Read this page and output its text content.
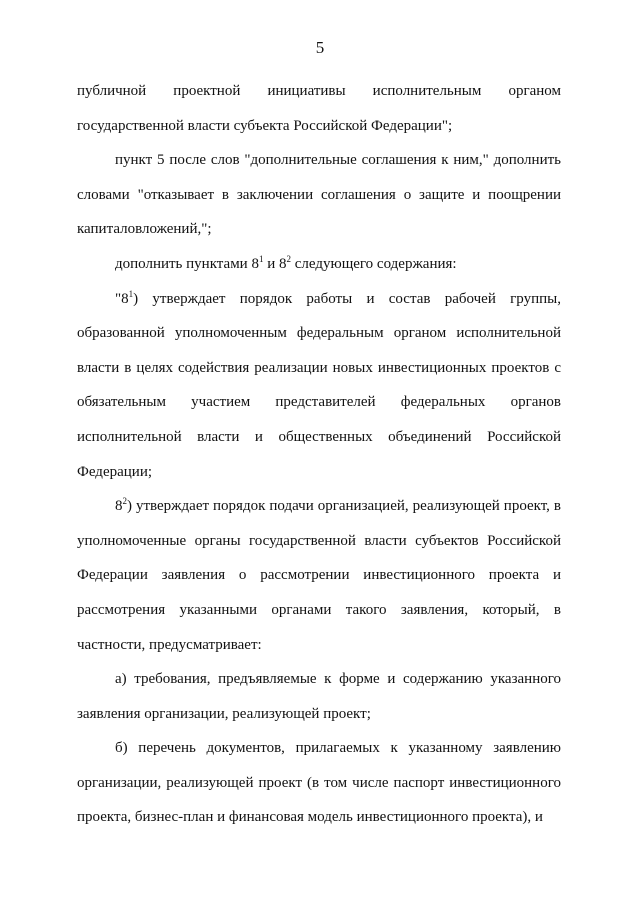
5

публичной проектной инициативы исполнительным органом государственной власти субъекта Российской Федерации";

пункт 5 после слов "дополнительные соглашения к ним," дополнить словами "отказывает в заключении соглашения о защите и поощрении капиталовложений,";

дополнить пунктами $8^1$ и $8^2$ следующего содержания:

"$8^1$) утверждает порядок работы и состав рабочей группы, образованной уполномоченным федеральным органом исполнительной власти в целях содействия реализации новых инвестиционных проектов с обязательным участием представителей федеральных органов исполнительной власти и общественных объединений Российской Федерации;

$8^2$) утверждает порядок подачи организацией, реализующей проект, в уполномоченные органы государственной власти субъектов Российской Федерации заявления о рассмотрении инвестиционного проекта и рассмотрения указанными органами такого заявления, который, в частности, предусматривает:

а) требования, предъявляемые к форме и содержанию указанного заявления организации, реализующей проект;

б) перечень документов, прилагаемых к указанному заявлению организации, реализующей проект (в том числе паспорт инвестиционного проекта, бизнес-план и финансовая модель инвестиционного проекта), и
